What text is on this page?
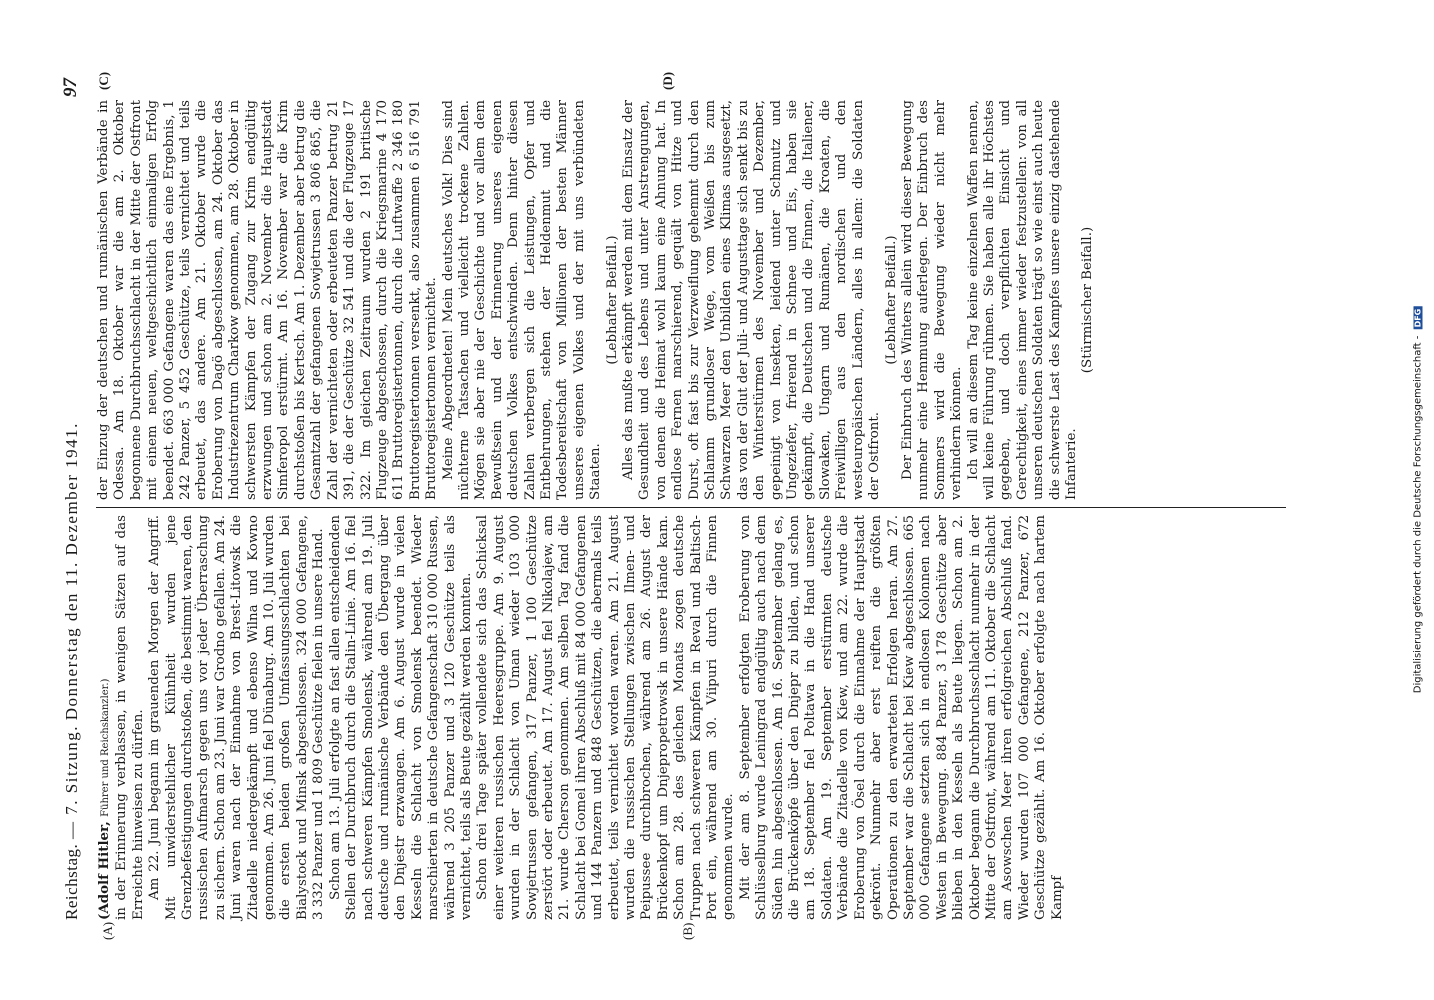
Reichstag. — 7. Sitzung. Donnerstag den 11. Dezember 1941.
97
(A)	(B)
(C)	(D)

(Adolf Hitler, Führer und Reichskanzler.) in der Erinnerung verblassen, in wenigen Sätzen auf das Erreichte hinweisen zu dürfen. Am 22. Juni begann im grauenden Morgen der Angriff. Mit unwiderstehlicher Kühnheit wurden jene Grenzbefestigungen durchstoßen, die bestimmt waren, den russischen Aufmarsch gegen uns vor jeder Überraschung zu sichern. Schon am 23. Juni war Grodno gefallen. Am 24. Juni waren nach der Einnahme von Brest-Litowsk die Zitadelle niedergekämpft und ebenso Wilna und Kowno genommen. Am 26. Juni fiel Dünaburg. Am 10. Juli wurden die ersten beiden großen Umfassungsschlachten bei Bialystock und Minsk abgeschlossen. 324 000 Gefangene, 3 332 Panzer und 1 809 Geschütze fielen in unsere Hand. Schon am 13. Juli erfolgte an fast allen entscheidenden Stellen der Durchbruch durch die Stalin-Linie. Am 16. fiel nach schweren Kämpfen Smolensk, während am 19. Juli deutsche und rumänische Verbände den Übergang über den Dnjestr erzwangen. Am 6. August wurde in vielen Kesseln die Schlacht von Smolensk beendet. Wieder marschierten in deutsche Gefangenschaft 310 000 Russen, während 3 205 Panzer und 3 120 Geschütze teils als vernichtet, teils als Beute gezählt werden konnten. Schon drei Tage später vollendete sich das Schicksal einer weiteren russischen Heeresgruppe. Am 9. August wurden in der Schlacht von Uman wieder 103 000 Sowjetrussen gefangen, 317 Panzer, 1 100 Geschütze zerstört oder erbeutet. Am 17. August fiel Nikolajew, am 21. wurde Cherson genommen. Am selben Tag fand die Schlacht bei Gomel ihren Abschluß mit 84 000 Gefangenen und 144 Panzern und 848 Geschützen, die abermals teils erbeutet, teils vernichtet worden waren. Am 21. August wurden die russischen Stellungen zwischen Ilmen- und Peipussee durchbrochen, während am 26. August der Brückenkopf um Dnjepropetrowsk in unsere Hände kam. Schon am 28. des gleichen Monats zogen deutsche Truppen nach schweren Kämpfen in Reval und Baltisch-Port ein, während am 30. Viipuri durch die Finnen genommen wurde. Mit der am 8. September erfolgten Eroberung von Schlüsselburg wurde Leningrad endgültig auch nach dem Süden hin abgeschlossen. Am 16. September gelang es, die Brückenköpfe über den Dnjepr zu bilden, und schon am 18. September fiel Poltawa in die Hand unserer Soldaten. Am 19. September erstürmten deutsche Verbände die Zitadelle von Kiew, und am 22. wurde die Eroberung von Ösel durch die Einnahme der Hauptstadt gekrönt. Nunmehr aber erst reiften die größten Operationen zu den erwarteten Erfolgen heran. Am 27. September war die Schlacht bei Kiew abgeschlossen. 665 000 Gefangene setzten sich in endlosen Kolonnen nach Westen in Bewegung. 884 Panzer, 3 178 Geschütze aber blieben in den Kesseln als Beute liegen. Schon am 2. Oktober begann die Durchbruchsschlacht nunmehr in der Mitte der Ostfront, während am 11. Oktober die Schlacht am Asowschen Meer ihren erfolgreichen Abschluß fand. Wieder wurden 107 000 Gefangene, 212 Panzer, 672 Geschütze gezählt. Am 16. Oktober erfolgte nach hartem Kampf

der Einzug der deutschen und rumänischen Verbände in Odessa. Am 18. Oktober war die am 2. Oktober begonnene Durchbruchsschlacht in der Mitte der Ostfront mit einem neuen, weltgeschichtlich einmaligen Erfolg beendet. 663 000 Gefangene waren das eine Ergebnis, 1 242 Panzer, 5 452 Geschütze, teils vernichtet und teils erbeutet, das andere. Am 21. Oktober wurde die Eroberung von Dagö abgeschlossen, am 24. Oktober das Industriezentrum Charkow genommen, am 28. Oktober in schwersten Kämpfen der Zugang zur Krim endgültig erzwungen und schon am 2. November die Hauptstadt Simferopol erstürmt. Am 16. November war die Krim durchstoßen bis Kertsch. Am 1. Dezember aber betrug die Gesamtzahl der gefangenen Sowjetrussen 3 806 865, die Zahl der vernichteten oder erbeuteten Panzer betrug 21 391, die der Geschütze 32 541 und die der Flugzeuge 17 322. Im gleichen Zeitraum wurden 2 191 britische Flugzeuge abgeschossen, durch die Kriegsmarine 4 170 611 Bruttoregistertonnen, durch die Luftwaffe 2 346 180 Bruttoregistertonnen versenkt, also zusammen 6 516 791 Bruttoregistertonnen vernichtet. Meine Abgeordneten! Mein deutsches Volk! Dies sind nüchterne Tatsachen und vielleicht trockene Zahlen. Mögen sie aber nie der Geschichte und vor allem dem Bewußtsein und der Erinnerung unseres eigenen deutschen Volkes entschwinden. Denn hinter diesen Zahlen verbergen sich die Leistungen, Opfer und Entbehrungen, stehen der Heldenmut und die Todesbereitschaft von Millionen der besten Männer unseres eigenen Volkes und der mit uns verbündeten Staaten.

(Lebhafter Beifall.) Alles das mußte erkämpft werden mit dem Einsatz der Gesundheit und des Lebens und unter Anstrengungen, von denen die Heimat wohl kaum eine Ahnung hat. In endlose Fernen marschierend, gequält von Hitze und Durst, oft fast bis zur Verzweiflung gehemmt durch den Schlamm grundloser Wege, vom Weißen bis zum Schwarzen Meer den Unbilden eines Klimas ausgesetzt, das von der Glut der Juli- und Augusttage sich senkt bis zu den Winterstürmen des November und Dezember, gepeinigt von Insekten, leidend unter Schmutz und Ungeziefer, frierend in Schnee und Eis, haben sie gekämpft, die Deutschen und die Finnen, die Italiener, Slowaken, Ungarn und Rumänen, die Kroaten, die Freiwilligen aus den nordischen und den westeuropäischen Ländern, alles in allem: die Soldaten der Ostfront.

(Lebhafter Beifall.) Der Einbruch des Winters allein wird dieser Bewegung nunmehr eine Hemmung auferlegen. Der Einbruch des Sommers wird die Bewegung wieder nicht mehr verhindern können. Ich will an diesem Tag keine einzelnen Waffen nennen, will keine Führung rühmen. Sie haben alle ihr Höchstes gegeben, und doch verpflichten Einsicht und Gerechtigkeit, eines immer wieder festzustellen: von all unseren deutschen Soldaten trägt so wie einst auch heute die schwerste Last des Kampfes unsere einzig dastehende Infanterie.

(Stürmischer Beifall.)

Digitalisierung gefördert durch die Deutsche Forschungsgemeinschaft - DFG
